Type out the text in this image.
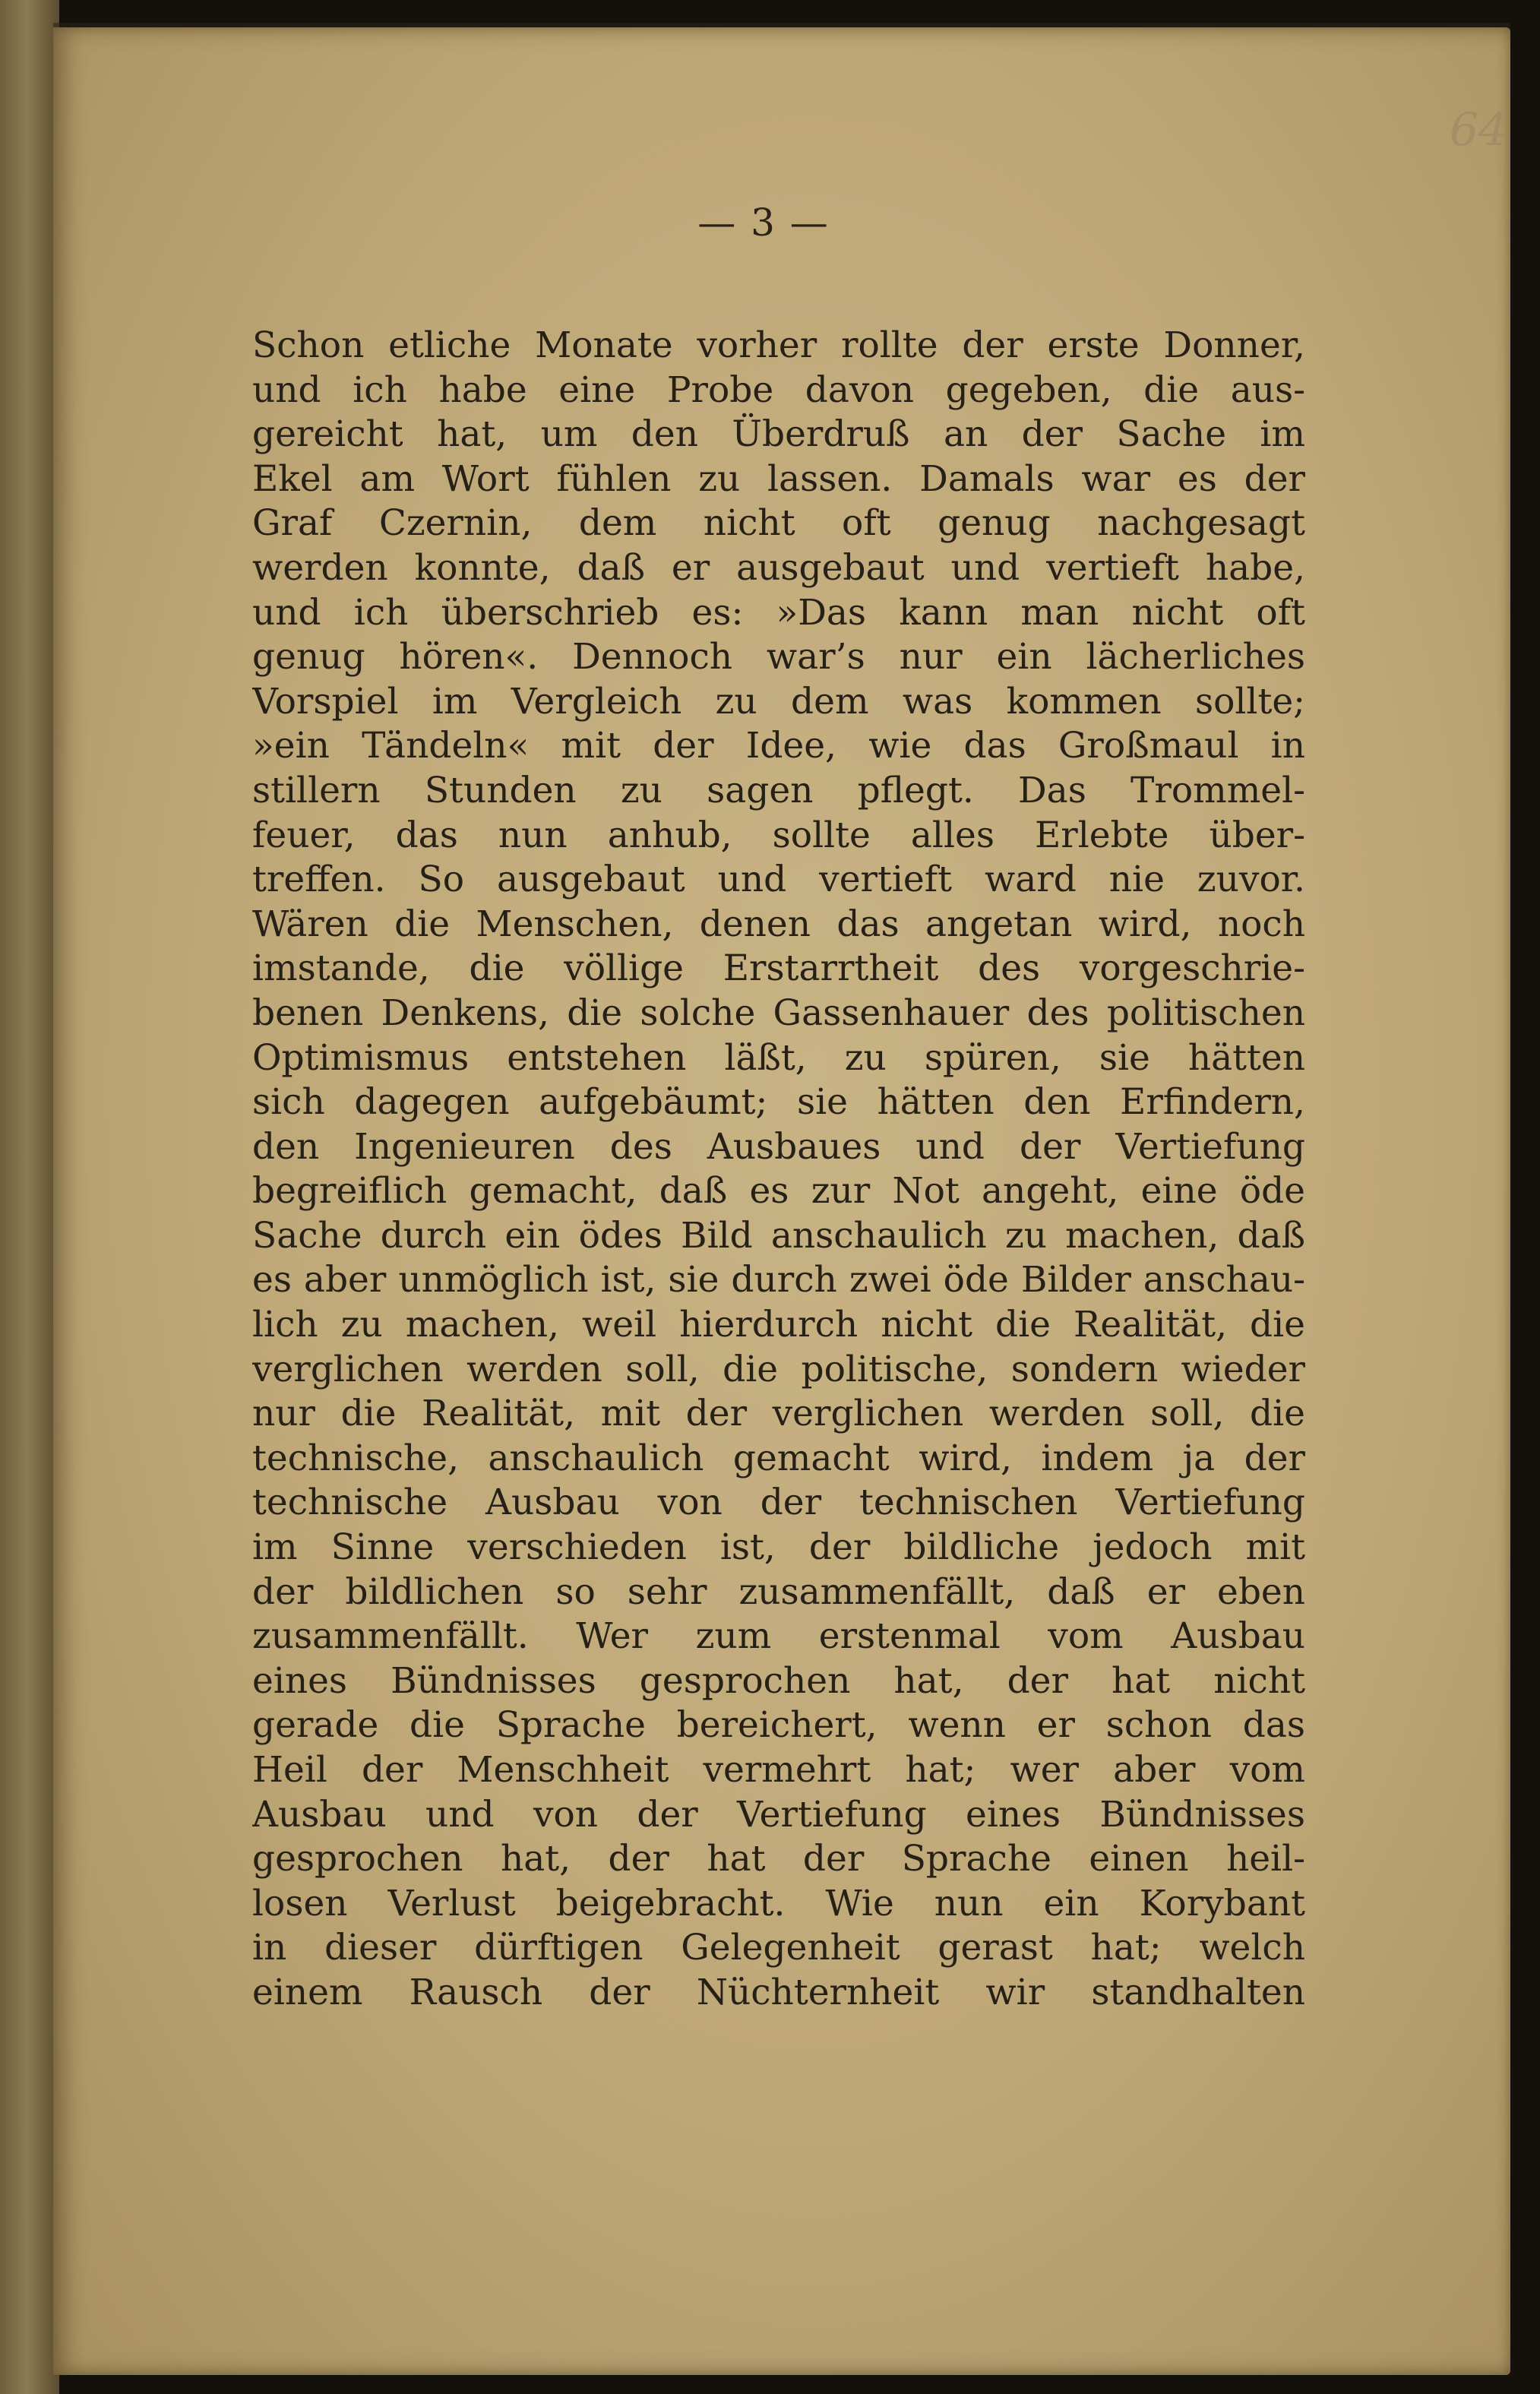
64
— 3 —
Schon etliche Monate vorher rollte der erste Donner,
und ich habe eine Probe davon gegeben, die aus-
gereicht hat, um den Überdruß an der Sache im
Ekel am Wort fühlen zu lassen. Damals war es der
Graf Czernin, dem nicht oft genug nachgesagt
werden konnte, daß er ausgebaut und vertieft habe,
und ich überschrieb es: »Das kann man nicht oft
genug hören«. Dennoch war’s nur ein lächerliches
Vorspiel im Vergleich zu dem was kommen sollte;
»ein Tändeln« mit der Idee, wie das Großmaul in
stillern Stunden zu sagen pflegt. Das Trommel-
feuer, das nun anhub, sollte alles Erlebte über-
treffen. So ausgebaut und vertieft ward nie zuvor.
Wären die Menschen, denen das angetan wird, noch
imstande, die völlige Erstarrtheit des vorgeschrie-
benen Denkens, die solche Gassenhauer des politischen
Optimismus entstehen läßt, zu spüren, sie hätten
sich dagegen aufgebäumt; sie hätten den Erfindern,
den Ingenieuren des Ausbaues und der Vertiefung
begreiflich gemacht, daß es zur Not angeht, eine öde
Sache durch ein ödes Bild anschaulich zu machen, daß
es aber unmöglich ist, sie durch zwei öde Bilder anschau-
lich zu machen, weil hierdurch nicht die Realität, die
verglichen werden soll, die politische, sondern wieder
nur die Realität, mit der verglichen werden soll, die
technische, anschaulich gemacht wird, indem ja der
technische Ausbau von der technischen Vertiefung
im Sinne verschieden ist, der bildliche jedoch mit
der bildlichen so sehr zusammenfällt, daß er eben
zusammenfällt. Wer zum erstenmal vom Ausbau
eines Bündnisses gesprochen hat, der hat nicht
gerade die Sprache bereichert, wenn er schon das
Heil der Menschheit vermehrt hat; wer aber vom
Ausbau und von der Vertiefung eines Bündnisses
gesprochen hat, der hat der Sprache einen heil-
losen Verlust beigebracht. Wie nun ein Korybant
in dieser dürftigen Gelegenheit gerast hat; welch
einem Rausch der Nüchternheit wir standhalten
